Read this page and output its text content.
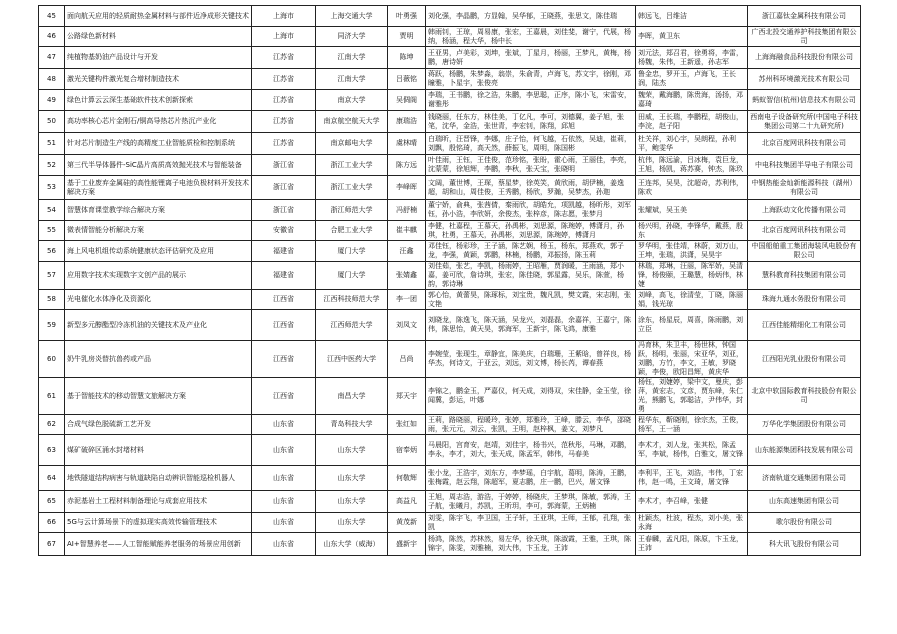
45	面向航天应用的轻质耐热金属材料与部件近净成形关键技术	上海市	上海交通大学	叶勇强	刘化强，李晶鹏，方显翰，吴华郁，王晓燕，张思文，陈佳瑞	韩远飞，吕维洁	浙江嘉钛金属科技有限公司
46	公路绿色新材料	上海市	同济大学	贾明	韩雨钊，王琼，周易康，张宏，王嘉晨，刘佳斐，谢宁，代展，杨纳，杨涵，程大华，杨中长	李晖，黄卫东	广西北投交通养护科技集团有限公司
47	纯植物基奶油产品设计与开发	江苏省	江南大学	陈坤	王亚男，卢美彩，刘坤，张斌，丁星月，杨丽，王梦凡，黄梅，杨鹏，唐诗妍	刘元法，郑召君，徐勇将，李雷，杨魏，朱伟，王新遥，孙志军	上海海融食品科技股份有限公司
48	激光关键构件激光复合增材制造技术	江苏省	江南大学	吕薇铭	蒋跃，杨鹏，朱梦淼，翁崇，朱俞青，卢海飞，苏文宇，徐刚，邓瞳雅，卜星宇，张俊亮	鲁金忠，罗开玉，卢海飞，王长润，陆杰	苏州科环境激光技术有限公司
49	绿色计算云云深生基础软件技术创新探索	江苏省	南京大学	吴倜阁	李瑞，王书鹏，徐之浩，朱鹏，李思聪，正序，陈小飞，宋雷安，谢雅彤	魏荣，戴海鹏，陈贵海，汤扬，邓嘉琦	蚂蚁智信(杭州)信息技术有限公司
50	高功率核心芯片金刚石/铜高导热芯片热沉产业化	江苏省	南京航空航天大学	康瑞浩	钱晓丽，任东方，林佳美，丁亿凡，李可，刘德翼，姜子旭，张笔，沈华，金浩，张世青，李宏钊，陈翔，邱旭	田威，王长瑞，李鹏程，胡俊山，李浣，赵子阳	西南电子设备研究所(中国电子科技集团公司第二十九研究所)
51	针对芯片制造生产线的高精度工业智能质检和控制系统	江苏省	南京邮电大学	虞林晴	白瑞昕，汪晋锋，李娜，庄子怡，何飞越，石依然，吴迪，崔莉，刘飘，殷铭琦，高天然，薛振飞，周明，陈国彬	杜关祥，刘心宇，吴朗程，孙利平，鲍雯华	北京百度网讯科技有限公司
52	第三代半导体器件-SiC晶片高质高效抛光技术与智能装备	浙江省	浙江工业大学	陈方远	叶佳雨，王钰，王佳俊，范珍铭，张盼，霍心雨，王丽佳，李亮，沈蒙蒙，徐旭辉，李鹏，李秋，张天宝，张晓明	杭伟，陈远渝，吕冰梅，袁巨龙，王旭，杨凯，蒋苏赛，钟杰，陈玖	中电科技集团半导电子有限公司
53	基于工业废弃金属硅的高性能锂离子电池负极材料开发技术解决方案	浙江省	浙江工业大学	李峰晖	文阔，董世博，王琛，蔡星梦，徐英笑，黄欣雨，胡伊楠，姜逸超，胡和山，周佳俊，王秀鹏，杨欣，罗瀚，吴梦杰，孙迦	王连邦，吴昊，沈超奇，苏利伟，陈欢	中钢热能金灿新能源科技（湖州）有限公司
54	智慧体育课堂教学综合解决方案	浙江省	浙江师范大学	冯舒楠	董宁娇，俞典，张茜倩，秦雨欣，胡皓允，项凯越，杨昕彤，刘军钰，孙小浩，李欣妍，余俊杰，张梓彦，陈志愿，张梦月	张耀斌，吴玉美	上海跃动文化传播有限公司
55	微表情智能分析解决方案	安徽省	合肥工业大学	崔丰麒	李健，杜嘉程，王慕天，孙禹彬，刘思源，陈琬婷，傅潇月，孙琪，杜勇，王慕天，孙禹彬，刘思源，陈琬婷，傅潇月	杨兴明，孙晓，李锋华，戴燕，殷东	北京百度网讯科技有限公司
56	海上风电机组传动系统健康状态评估研究及应用	福建省	厦门大学	汪鑫	邓佳钰，杨彩珍，王子涵，陈艺娴，杨玉，杨东，郑燕欢，郭子龙，李强，黄颖，郭鹏，林楠，杨鹏，邓振扬，陈玉莉	罗华明，张佳靖，林蔚，刘万山，王坤，张瑞，洪潇，吴昊宇	中国船舶重工集团海装风电股份有限公司
57	应用数字技术实现数字文创产品的展示	福建省	厦门大学	张婧鑫	刘佳茹，张艺，李凯，杨雨婷，王昭雁，贾润暖，王雨涵，郑小嘉，姜可欣，詹诗琪，张宏，陈佳晓，郭星露，吴乐，陈萱，杨韵，郭诗琳	林瑞，郑琳，汪丽，陈军娇，吴清锋，杨俊颐，王璐慧，杨炳伟，林婕	慧科教育科技集团有限公司
58	光电催化水体净化及资源化	江西省	江西科技师范大学	李一团	郭心怡，黄蕾昊，陈琢标，刘宝贵，魏凡凯，樊文霞，宋志刚，张文艳	刘峰，高飞，徐清莹，丁晓，陈丽娟，钱光琼	珠海九通水务股份有限公司
59	新型多元醇酯型冷冻机油的关键技术及产业化	江西省	江西师范大学	刘凤文	刘晓龙，陈逸飞，陈天涵，吴龙兴，刘磊磊，余嘉祥，王嘉宁，陈伟，陈思怡，黄天昊，郭海军，王新宇，陈飞鸿，康雅	涂东，杨星辰，周喜，陈雨鹏，刘立臣	江西佳能精细化工有限公司
60	奶牛乳房炎替抗兽药或产品	江西省	江西中医药大学	吕尚	李婉莹，张现生，章静宜，陈美庆，白瑞珊，王紫晗，曾祥良，杨华杰，何诗文，于亚云，刘远，刘文博，杨长芮，谭春燕	冯育林，朱卫丰，杨世林，钟国跃，杨明，张丽，宋亚华，刘亚，刘鹏，方竹，李文，王敏，罗晓颖，李俊，欧阳昌辉，黄庆华	江西阳光乳业股份有限公司
61	基于智能技术的移动智慧文旅解决方案	江西省	南昌大学	郑天宇	李锦之，鹏金玉，严嘉仪，何天成，刘得双，宋佳静，金玉莹，徐闻冀，彭运，叶娜	杨钰，刘婕婷，梁中文，曼庆，彭萍，黄宏志，文彦，贾东峰，朱仁光，熊鹏飞，郭聪洁，尹伟华，封勇	北京中软国际教育科技股份有限公司
62	合成气绿色脱硫新工艺开发	山东省	青岛科技大学	张红如	王莉，路晓丽，程暖玲，张婷，郑雅玲，王峰，滕云，李华，邵晓雨，张元元，刘云，张凯，王明，赵梓枫，姜文，刘梦凡	程华东，靳晓刚，徐宗杰，王俊，杨军，王一涵	万华化学集团股份有限公司
63	煤矿破碎区涌水封堵材料	山东省	山东大学	宿奉炳	马晨阳，宫育安，赵靖，刘佳宇，杨书兴，范秋彤，马琳，邓鹏，李永，李才，刘大，张天成，陈孟军，韩伟，马春美	李术才，刘人龙，张其松，陈孟军，李斌，杨伟，白雅文，屠文锋	山东能源集团科技发展有限公司
64	地铁隧道结构病害与轨道缺陷自动辨识智能巡检机器人	山东省	山东大学	何敬辉	张小龙，王浩宇，刘东方，李梦瑶，白宇航，葛明，陈涛，王鹏，张梅霞，赵云翔，陈超军，夏志鹏，庄一鹏，巴兴，屠文锋	李利平，王飞，刘浩，韦伟，丁宏伟，赵一鸣，王文琦，屠文锋	济南轨道交通集团有限公司
65	赤泥基岩土工程材料制备理论与成套应用技术	山东省	山东大学	高益凡	王旭，周志浩，游浩，于婷婷，杨晓庆，王梦琪，陈敏，郭涛，王子航，张曦月，苏凯，王昕玥，李可，郭海蒙，王炳楠	李术才，李召峰，张健	山东高速集团有限公司
66	5G与云计算场景下的虚拟现实高效传输管理技术	山东省	山东大学	黄茂新	刘雯，陈宇飞，李卫国，王子轩，王亚琪，王师，王郁，孔翔，张凯	杜颖杰，杜波，程杰，刘小美，张永海	歌尔股份有限公司
67	AI+智慧养老——人工智能赋能养老服务的场景应用创新	山东省	山东大学（威海）	盛新宇	杨鸿，陈然，苏林然，易左华，徐天琪，陈淑霞，王雅，王琪，陈锦宇，陈雯，刘雅楠，刘大伟，卞玉龙，王沛	王春麟，孟凡阳，陈原，卞玉龙，王沛	科大讯飞股份有限公司
